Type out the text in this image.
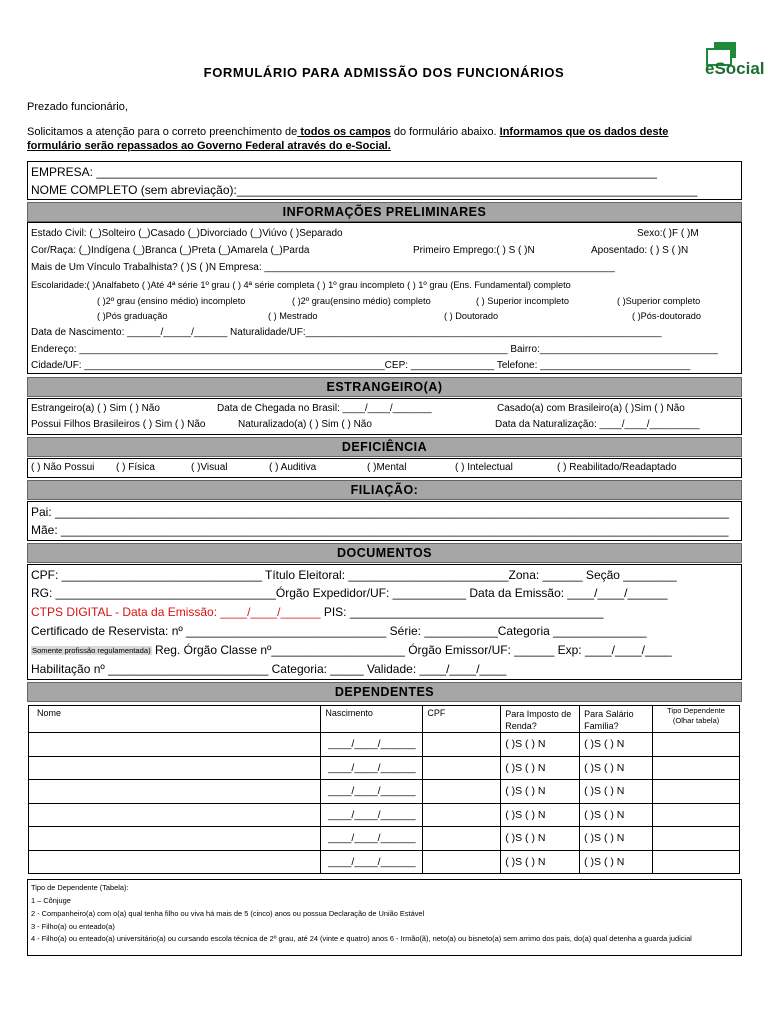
eSocial
FORMULÁRIO PARA ADMISSÃO DOS FUNCIONÁRIOS
Prezado funcionário,
Solicitamos a atenção para o correto preenchimento de todos os campos do formulário abaixo. Informamos que os dados deste
formulário serão repassados ao Governo Federal através do e-Social.
EMPRESA: ____________________________________________________________________________________
NOME COMPLETO (sem abreviação):_____________________________________________________________________
INFORMAÇÕES PRELIMINARES
Estado Civil: (_)Solteiro (_)Casado (_)Divorciado (_)Viúvo ( )Separado	Sexo:( )F ( )M
Cor/Raça: (_)Indígena (_)Branca (_)Preta (_)Amarela (_)Parda	Primeiro Emprego:( ) S ( )N	Aposentado: ( ) S ( )N
Mais de Um Vínculo Trabalhista? ( )S ( )N Empresa: _______________________________________________________________
Escolaridade:( )Analfabeto ( )Até 4ª série 1º grau ( ) 4ª série completa ( ) 1º grau incompleto ( ) 1º grau (Ens. Fundamental) completo
( )2º grau (ensino médio) incompleto	( )2º grau(ensino médio) completo	( ) Superior incompleto	( )Superior completo
( )Pós graduação	( ) Mestrado	( ) Doutorado	( )Pós-doutorado
Data de Nascimento: ______/_____/______ Naturalidade/UF:________________________________________________________________
Endereço: _____________________________________________________________________________ Bairro:________________________________
Cidade/UF: ______________________________________________________CEP: _______________ Telefone: ___________________________
ESTRANGEIRO(A)
Estrangeiro(a) ( ) Sim ( ) Não	Data de Chegada no Brasil: ____/____/_______	Casado(a) com Brasileiro(a) ( )Sim ( ) Não
Possui Filhos Brasileiros ( ) Sim ( ) Não	Naturalizado(a) ( ) Sim ( ) Não	Data da Naturalização: ____/____/_________
DEFICIÊNCIA
( ) Não Possui ( ) Física	( )Visual	( ) Auditiva	( )Mental	( ) Intelectual	( ) Reabilitado/Readaptado
FILIAÇÃO:
Pai: _____________________________________________________________________________________________________
Mãe: ____________________________________________________________________________________________________
DOCUMENTOS
CPF: ______________________________ Título Eleitoral: ________________________Zona: ______ Seção ________
RG: _________________________________Órgão Expedidor/UF: ___________ Data da Emissão: ____/____/______
CTPS DIGITAL - Data da Emissão: ____/____/______ PIS: ______________________________________
Certificado de Reservista: nº ______________________________ Série: ___________Categoria ______________
Somente profissão regulamentada) Reg. Órgão Classe nº____________________ Órgão Emissor/UF: ______ Exp: ____/____/____
Habilitação nº ________________________ Categoria: _____ Validade: ____/____/____
DEPENDENTES
Nome	Nascimento	CPF	Para Imposto de Renda?	Para Salário Família?	Tipo Dependente (Olhar tabela)
	____/____/______		( )S ( ) N	( )S ( ) N	
	____/____/______		( )S ( ) N	( )S ( ) N	
	____/____/______		( )S ( ) N	( )S ( ) N	
	____/____/______		( )S ( ) N	( )S ( ) N	
	____/____/______		( )S ( ) N	( )S ( ) N	
	____/____/______		( )S ( ) N	( )S ( ) N	
Tipo de Dependente (Tabela):
1 – Cônjuge
2 - Companheiro(a) com o(a) qual tenha filho ou viva há mais de 5 (cinco) anos ou possua Declaração de União Estável
3 - Filho(a) ou enteado(a)
4 - Filho(a) ou enteado(a) universitário(a) ou cursando escola técnica de 2º grau, até 24 (vinte e quatro) anos 6 - Irmão(ã), neto(a) ou bisneto(a) sem arrimo dos pais, do(a) qual detenha a guarda judicial
